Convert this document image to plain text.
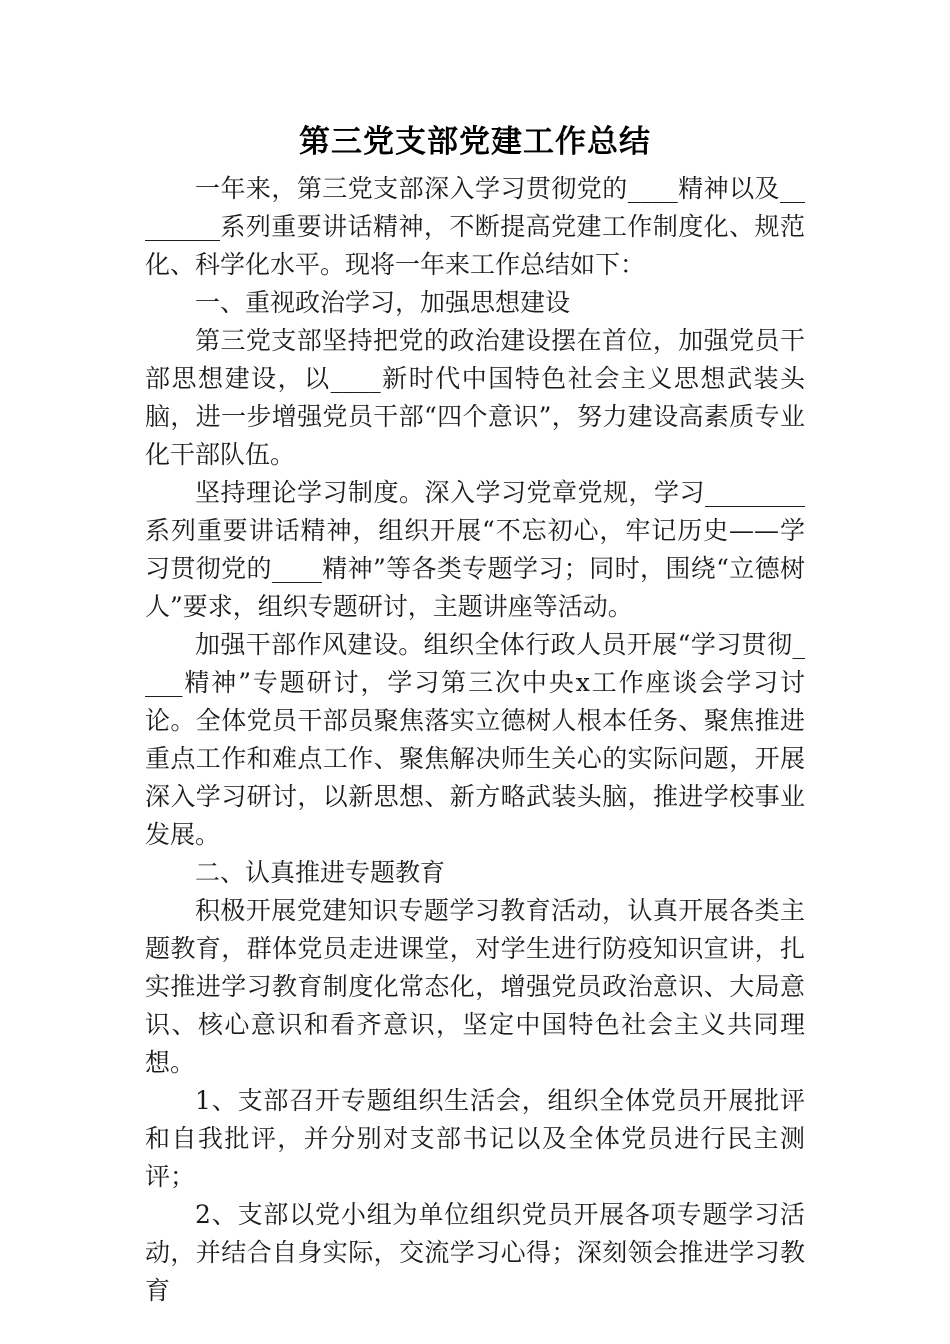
第三党支部党建工作总结

一年来，第三党支部深入学习贯彻党的____精神以及________系列重要讲话精神，不断提高党建工作制度化、规范化、科学化水平。现将一年来工作总结如下：

一、重视政治学习，加强思想建设

第三党支部坚持把党的政治建设摆在首位，加强党员干部思想建设，以____新时代中国特色社会主义思想武装头脑，进一步增强党员干部“四个意识”，努力建设高素质专业化干部队伍。

坚持理论学习制度。深入学习党章党规，学习________系列重要讲话精神，组织开展“不忘初心，牢记历史——学习贯彻党的____精神”等各类专题学习；同时，围绕“立德树人”要求，组织专题研讨，主题讲座等活动。

加强干部作风建设。组织全体行政人员开展“学习贯彻____精神”专题研讨，学习第三次中央x工作座谈会学习讨论。全体党员干部员聚焦落实立德树人根本任务、聚焦推进重点工作和难点工作、聚焦解决师生关心的实际问题，开展深入学习研讨，以新思想、新方略武装头脑，推进学校事业发展。

二、认真推进专题教育

积极开展党建知识专题学习教育活动，认真开展各类主题教育，群体党员走进课堂，对学生进行防疫知识宣讲，扎实推进学习教育制度化常态化，增强党员政治意识、大局意识、核心意识和看齐意识，坚定中国特色社会主义共同理想。

1、支部召开专题组织生活会，组织全体党员开展批评和自我批评，并分别对支部书记以及全体党员进行民主测评；

2、支部以党小组为单位组织党员开展各项专题学习活动，并结合自身实际，交流学习心得；深刻领会推进学习教育
